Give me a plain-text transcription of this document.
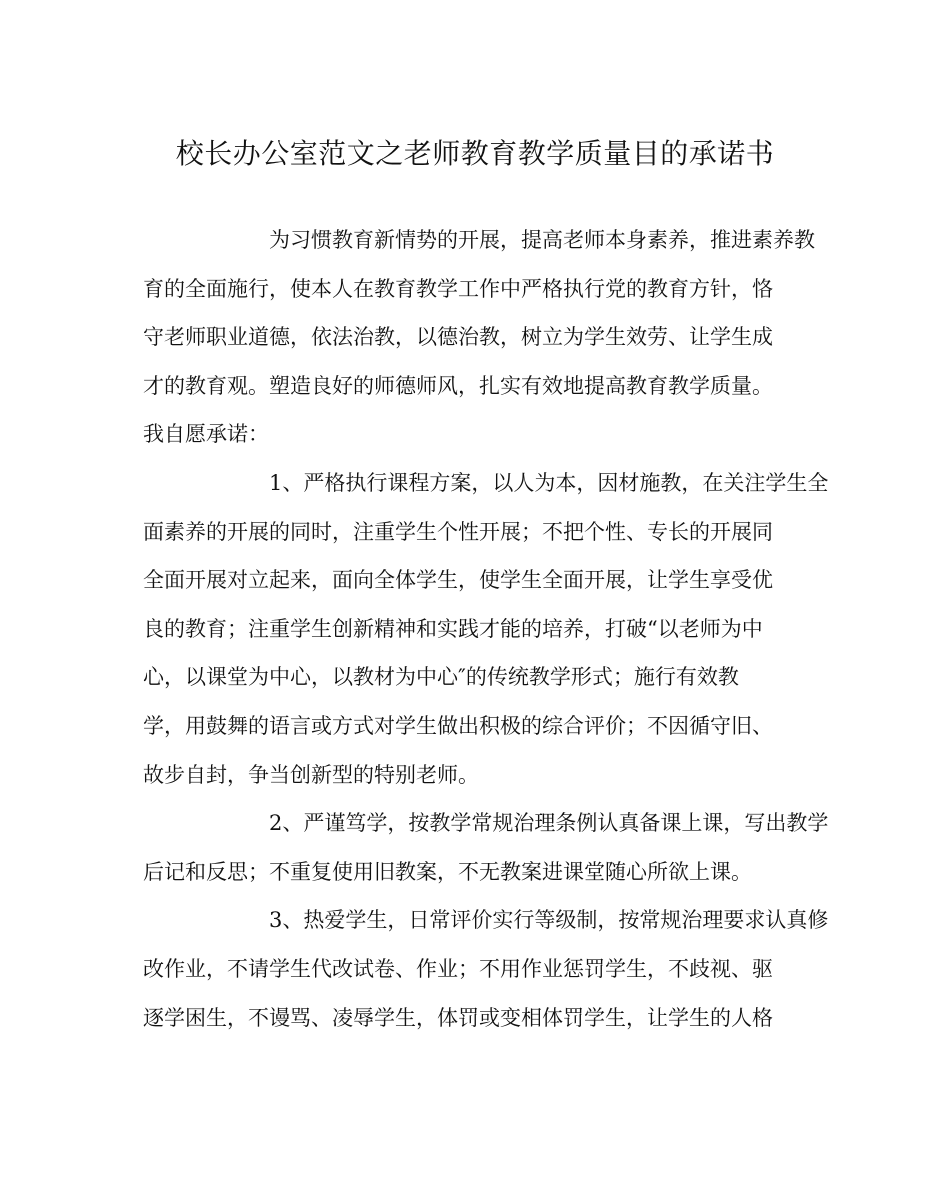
校长办公室范文之老师教育教学质量目的承诺书

为习惯教育新情势的开展，提高老师本身素养，推进素养教
育的全面施行，使本人在教育教学工作中严格执行党的教育方针，恪
守老师职业道德，依法治教，以德治教，树立为学生效劳、让学生成
才的教育观。塑造良好的师德师风，扎实有效地提高教育教学质量。
我自愿承诺：

1、严格执行课程方案，以人为本，因材施教，在关注学生全
面素养的开展的同时，注重学生个性开展；不把个性、专长的开展同
全面开展对立起来，面向全体学生，使学生全面开展，让学生享受优
良的教育；注重学生创新精神和实践才能的培养，打破“以老师为中
心，以课堂为中心，以教材为中心″的传统教学形式；施行有效教
学，用鼓舞的语言或方式对学生做出积极的综合评价；不因循守旧、
故步自封，争当创新型的特别老师。

2、严谨笃学，按教学常规治理条例认真备课上课，写出教学
后记和反思；不重复使用旧教案，不无教案进课堂随心所欲上课。

3、热爱学生，日常评价实行等级制，按常规治理要求认真修
改作业，不请学生代改试卷、作业；不用作业惩罚学生，不歧视、驱
逐学困生，不谩骂、凌辱学生，体罚或变相体罚学生，让学生的人格
